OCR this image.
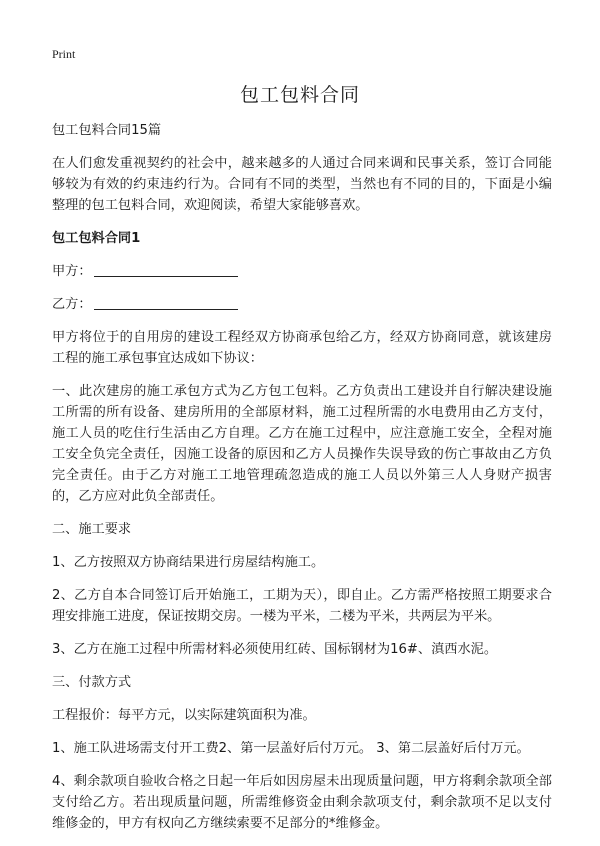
Print
包工包料合同

包工包料合同15篇

在人们愈发重视契约的社会中，越来越多的人通过合同来调和民事关系，签订合同能够较为有效的约束违约行为。合同有不同的类型，当然也有不同的目的，下面是小编整理的包工包料合同，欢迎阅读，希望大家能够喜欢。

包工包料合同1

甲方：

乙方：

甲方将位于的自用房的建设工程经双方协商承包给乙方，经双方协商同意，就该建房工程的施工承包事宜达成如下协议：

一、此次建房的施工承包方式为乙方包工包料。乙方负责出工建设并自行解决建设施工所需的所有设备、建房所用的全部原材料，施工过程所需的水电费用由乙方支付，施工人员的吃住行生活由乙方自理。乙方在施工过程中，应注意施工安全，全程对施工安全负完全责任，因施工设备的原因和乙方人员操作失误导致的伤亡事故由乙方负完全责任。由于乙方对施工工地管理疏忽造成的施工人员以外第三人人身财产损害的，乙方应对此负全部责任。

二、施工要求

1、乙方按照双方协商结果进行房屋结构施工。

2、乙方自本合同签订后开始施工，工期为天），即自止。乙方需严格按照工期要求合理安排施工进度，保证按期交房。一楼为平米，二楼为平米，共两层为平米。

3、乙方在施工过程中所需材料必须使用红砖、国标钢材为16#、滇西水泥。

三、付款方式

工程报价：每平方元，以实际建筑面积为准。

1、施工队进场需支付开工费2、第一层盖好后付万元。 3、第二层盖好后付万元。

4、剩余款项自验收合格之日起一年后如因房屋未出现质量问题，甲方将剩余款项全部支付给乙方。若出现质量问题，所需维修资金由剩余款项支付，剩余款项不足以支付维修金的，甲方有权向乙方继续索要不足部分的*维修金。
